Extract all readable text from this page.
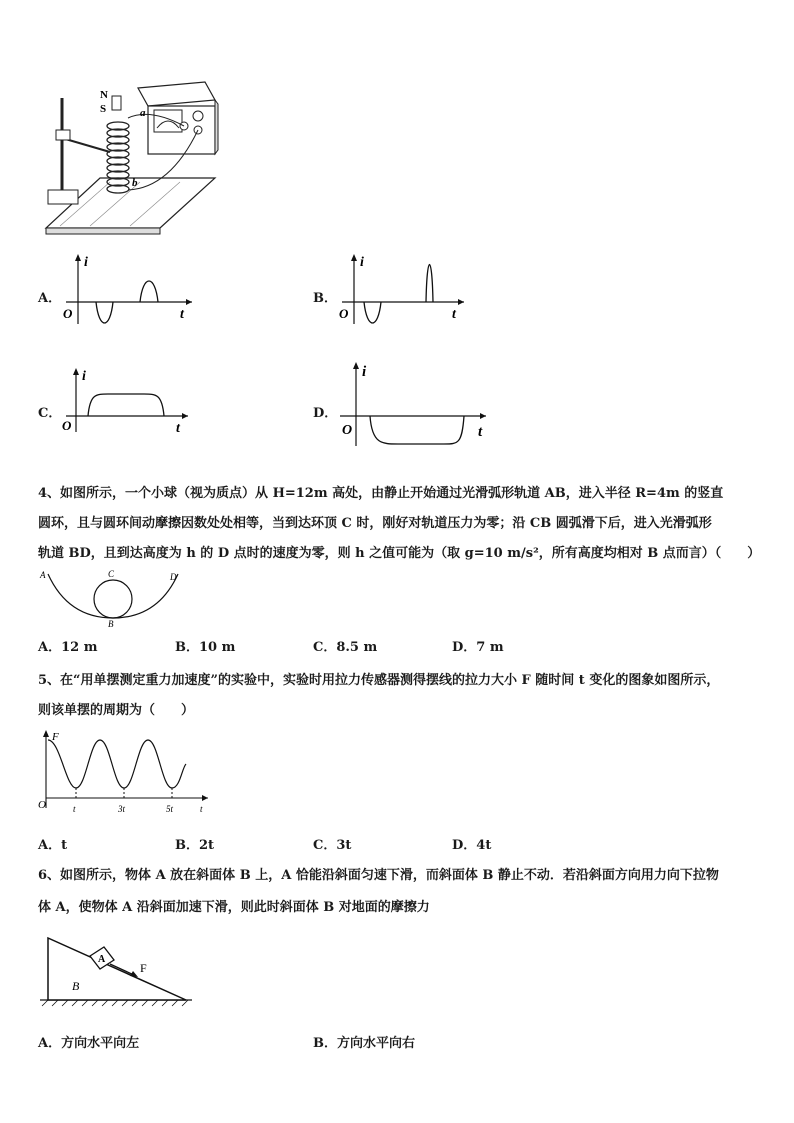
N
S	a
b
A．
i
t
O
B．
i
t
O
C．
i
t
O
D．
i
t
O
4、如图所示，一个小球（视为质点）从 H=12m 高处，由静止开始通过光滑弧形轨道 AB，进入半径 R=4m 的竖直
圆环，且与圆环间动摩擦因数处处相等，当到达环顶 C 时，刚好对轨道压力为零；沿 CB 圆弧滑下后，进入光滑弧形
轨道 BD，且到达高度为 h 的 D 点时的速度为零，则 h 之值可能为（取 g=10 m/s²，所有高度均相对 B 点而言）（　　）
A	C
B
D
A．12 m	B．10 m	C．8.5 m	D．7 m
5、在“用单摆测定重力加速度”的实验中，实验时用拉力传感器测得摆线的拉力大小 F 随时间 t 变化的图象如图所示，
则该单摆的周期为（　　）
F
O	t	3t	5t	t
A．t	B．2t	C．3t	D．4t
6、如图所示，物体 A 放在斜面体 B 上，A 恰能沿斜面匀速下滑，而斜面体 B 静止不动．若沿斜面方向用力向下拉物
体 A，使物体 A 沿斜面加速下滑，则此时斜面体 B 对地面的摩擦力
A
F
B
A．方向水平向左	B．方向水平向右
